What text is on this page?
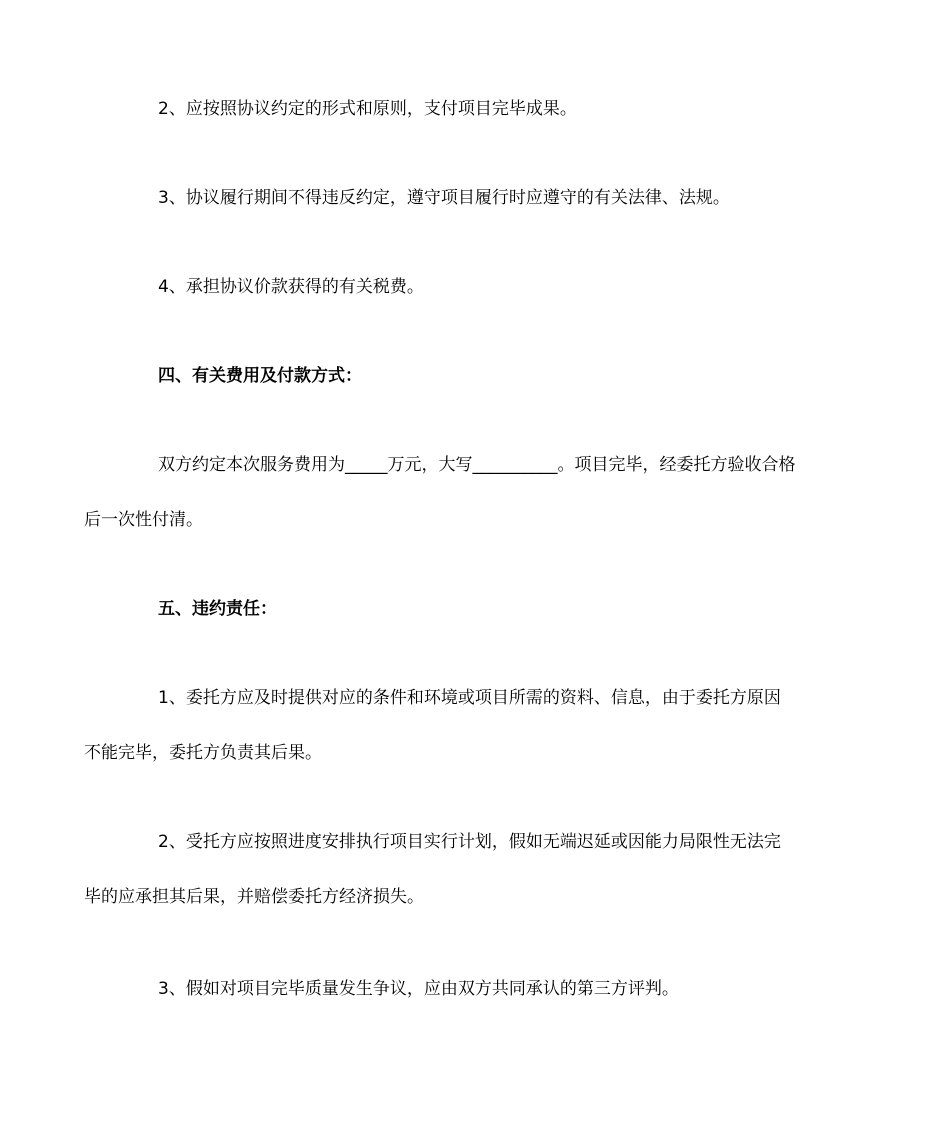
2、应按照协议约定的形式和原则，支付项目完毕成果。

3、协议履行期间不得违反约定，遵守项目履行时应遵守的有关法律、法规。

4、承担协议价款获得的有关税费。

四、有关费用及付款方式：

双方约定本次服务费用为_____万元，大写__________。项目完毕，经委托方验收合格
后一次性付清。

五、违约责任：

1、委托方应及时提供对应的条件和环境或项目所需的资料、信息，由于委托方原因
不能完毕，委托方负责其后果。

2、受托方应按照进度安排执行项目实行计划，假如无端迟延或因能力局限性无法完
毕的应承担其后果，并赔偿委托方经济损失。

3、假如对项目完毕质量发生争议，应由双方共同承认的第三方评判。
